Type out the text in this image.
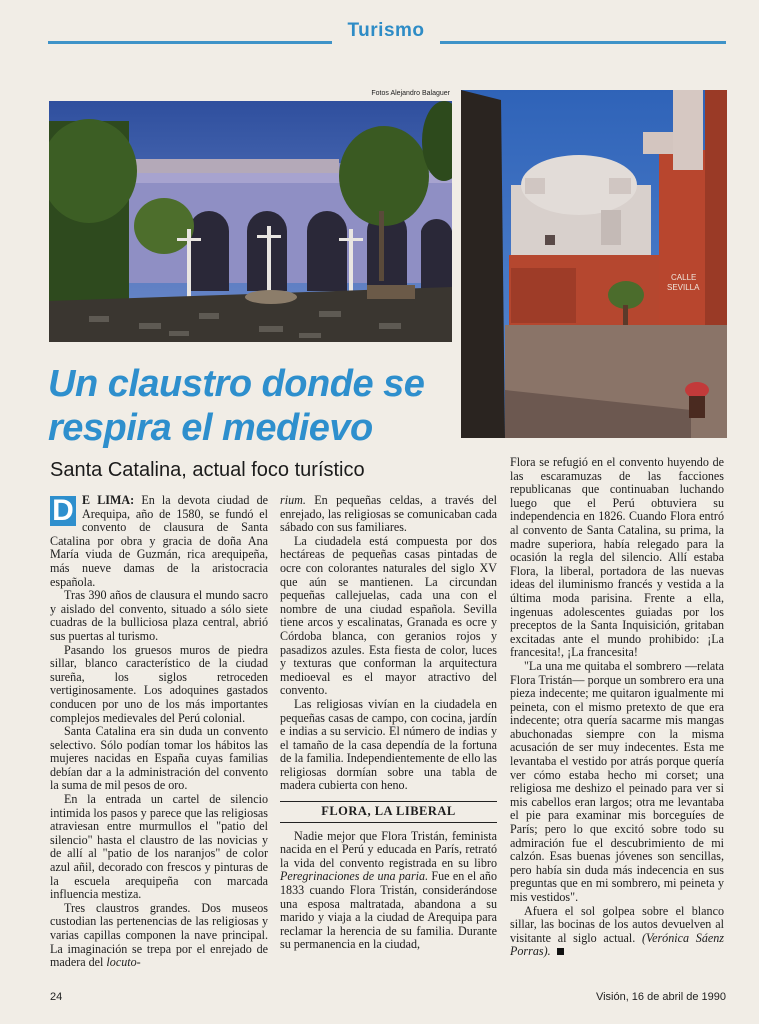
Turismo
Fotos Alejandro Balaguer
CALLE
SEVILLA
Un claustro donde se respira el medievo
Santa Catalina, actual foco turístico

D E LIMA: En la devota ciudad de Arequipa, año de 1580, se fundó el convento de clausura de Santa Catalina por obra y gracia de doña Ana María viuda de Guzmán, rica arequipeña, más nueve damas de la aristocracia española.

Tras 390 años de clausura el mundo sacro y aislado del convento, situado a sólo siete cuadras de la bulliciosa plaza central, abrió sus puertas al turismo.

Pasando los gruesos muros de piedra sillar, blanco característico de la ciudad sureña, los siglos retroceden vertiginosamente. Los adoquines gastados conducen por uno de los más importantes complejos medievales del Perú colonial.

Santa Catalina era sin duda un convento selectivo. Sólo podían tomar los hábitos las mujeres nacidas en España cuyas familias debían dar a la administración del convento la suma de mil pesos de oro.

En la entrada un cartel de silencio intimida los pasos y parece que las religiosas atraviesan entre murmullos el "patio del silencio" hasta el claustro de las novicias y de allí al "patio de los naranjos" de color azul añil, decorado con frescos y pinturas de la escuela arequipeña con marcada influencia mestiza.

Tres claustros grandes. Dos museos custodian las pertenencias de las religiosas y varias capillas componen la nave principal. La imaginación se trepa por el enrejado de madera del locuto-

rium. En pequeñas celdas, a través del enrejado, las religiosas se comunicaban cada sábado con sus familiares.

La ciudadela está compuesta por dos hectáreas de pequeñas casas pintadas de ocre con colorantes naturales del siglo XV que aún se mantienen. La circundan pequeñas callejuelas, cada una con el nombre de una ciudad española. Sevilla tiene arcos y escalinatas, Granada es ocre y Córdoba blanca, con geranios rojos y pasadizos azules. Esta fiesta de color, luces y texturas que conforman la arquitectura medioeval es el mayor atractivo del convento.

Las religiosas vivían en la ciudadela en pequeñas casas de campo, con cocina, jardín e indias a su servicio. El número de indias y el tamaño de la casa dependía de la fortuna de la familia. Independientemente de ello las religiosas dormían sobre una tabla de madera cubierta con heno.

FLORA, LA LIBERAL

Nadie mejor que Flora Tristán, feminista nacida en el Perú y educada en París, retrató la vida del convento registrada en su libro Peregrinaciones de una paria. Fue en el año 1833 cuando Flora Tristán, considerándose una esposa maltratada, abandona a su marido y viaja a la ciudad de Arequipa para reclamar la herencia de su familia. Durante su permanencia en la ciudad,

Flora se refugió en el convento huyendo de las escaramuzas de las facciones republicanas que continuaban luchando luego que el Perú obtuviera su independencia en 1826. Cuando Flora entró al convento de Santa Catalina, su prima, la madre superiora, había relegado para la ocasión la regla del silencio. Allí estaba Flora, la liberal, portadora de las nuevas ideas del iluminismo francés y vestida a la última moda parisina. Frente a ella, ingenuas adolescentes guiadas por los preceptos de la Santa Inquisición, gritaban excitadas ante el mundo prohibido: ¡La francesita!, ¡La francesita!

"La una me quitaba el sombrero —relata Flora Tristán— porque un sombrero era una pieza indecente; me quitaron igualmente mi peineta, con el mismo pretexto de que era indecente; otra quería sacarme mis mangas abuchonadas siempre con la misma acusación de ser muy indecentes. Esta me levantaba el vestido por atrás porque quería ver cómo estaba hecho mi corset; una religiosa me deshizo el peinado para ver si mis cabellos eran largos; otra me levantaba el pie para examinar mis borceguíes de París; pero lo que excitó sobre todo su admiración fue el descubrimiento de mi calzón. Esas buenas jóvenes son sencillas, pero había sin duda más indecencia en sus preguntas que en mi sombrero, mi peineta y mis vestidos".

Afuera el sol golpea sobre el blanco sillar, las bocinas de los autos devuelven al visitante al siglo actual. (Verónica Sáenz Porras).

24	Visión, 16 de abril de 1990
